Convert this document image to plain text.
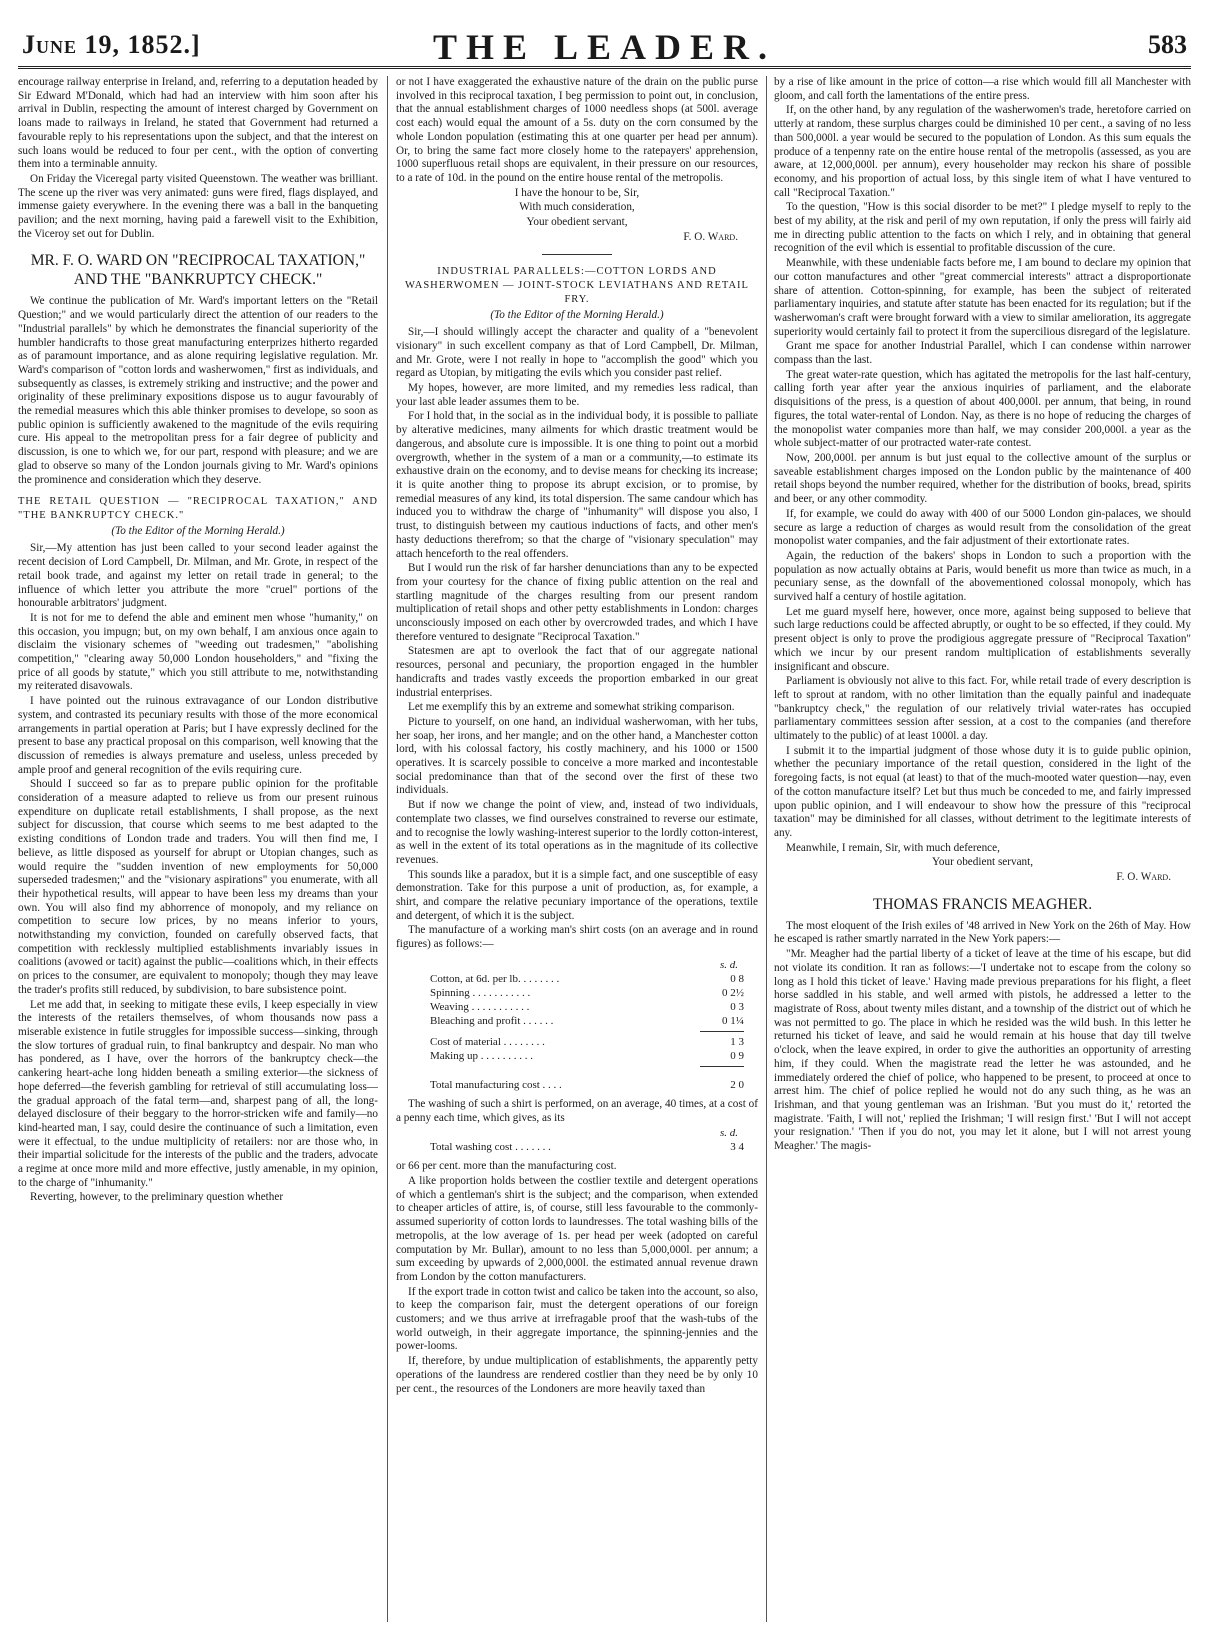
June 19, 1852.]	THE LEADER.	583

encourage railway enterprise in Ireland, and, referring to a deputation headed by Sir Edward M'Donald, which had had an interview with him soon after his arrival in Dublin, respecting the amount of interest charged by Government on loans made to railways in Ireland, he stated that Government had returned a favourable reply to his representations upon the subject, and that the interest on such loans would be reduced to four per cent., with the option of converting them into a terminable annuity.

On Friday the Viceregal party visited Queenstown. The weather was brilliant. The scene up the river was very animated: guns were fired, flags displayed, and immense gaiety everywhere. In the evening there was a ball in the banqueting pavilion; and the next morning, having paid a farewell visit to the Exhibition, the Viceroy set out for Dublin.

MR. F. O. WARD ON "RECIPROCAL TAXATION," AND THE "BANKRUPTCY CHECK."

We continue the publication of Mr. Ward's important letters on the "Retail Question;" and we would particularly direct the attention of our readers to the "Industrial parallels" by which he demonstrates the financial superiority of the humbler handicrafts to those great manufacturing enterprizes hitherto regarded as of paramount importance, and as alone requiring legislative regulation. Mr. Ward's comparison of "cotton lords and washerwomen," first as individuals, and subsequently as classes, is extremely striking and instructive; and the power and originality of these preliminary expositions dispose us to augur favourably of the remedial measures which this able thinker promises to develope, so soon as public opinion is sufficiently awakened to the magnitude of the evils requiring cure. His appeal to the metropolitan press for a fair degree of publicity and discussion, is one to which we, for our part, respond with pleasure; and we are glad to observe so many of the London journals giving to Mr. Ward's opinions the prominence and consideration which they deserve.

THE RETAIL QUESTION — "RECIPROCAL TAXATION," AND "THE BANKRUPTCY CHECK."
(To the Editor of the Morning Herald.)

Sir,—My attention has just been called to your second leader against the recent decision of Lord Campbell, Dr. Milman, and Mr. Grote, in respect of the retail book trade, and against my letter on retail trade in general; to the influence of which letter you attribute the more "cruel" portions of the honourable arbitrators' judgment.

It is not for me to defend the able and eminent men whose "humanity," on this occasion, you impugn; but, on my own behalf, I am anxious once again to disclaim the visionary schemes of "weeding out tradesmen," "abolishing competition," "clearing away 50,000 London householders," and "fixing the price of all goods by statute," which you still attribute to me, notwithstanding my reiterated disavowals.

I have pointed out the ruinous extravagance of our London distributive system, and contrasted its pecuniary results with those of the more economical arrangements in partial operation at Paris; but I have expressly declined for the present to base any practical proposal on this comparison, well knowing that the discussion of remedies is always premature and useless, unless preceded by ample proof and general recognition of the evils requiring cure.

Should I succeed so far as to prepare public opinion for the profitable consideration of a measure adapted to relieve us from our present ruinous expenditure on duplicate retail establishments, I shall propose, as the next subject for discussion, that course which seems to me best adapted to the existing conditions of London trade and traders. You will then find me, I believe, as little disposed as yourself for abrupt or Utopian changes, such as would require the "sudden invention of new employments for 50,000 superseded tradesmen;" and the "visionary aspirations" you enumerate, with all their hypothetical results, will appear to have been less my dreams than your own. You will also find my abhorrence of monopoly, and my reliance on competition to secure low prices, by no means inferior to yours, notwithstanding my conviction, founded on carefully observed facts, that competition with recklessly multiplied establishments invariably issues in coalitions (avowed or tacit) against the public—coalitions which, in their effects on prices to the consumer, are equivalent to monopoly; though they may leave the trader's profits still reduced, by subdivision, to bare subsistence point.

Let me add that, in seeking to mitigate these evils, I keep especially in view the interests of the retailers themselves, of whom thousands now pass a miserable existence in futile struggles for impossible success—sinking, through the slow tortures of gradual ruin, to final bankruptcy and despair. No man who has pondered, as I have, over the horrors of the bankruptcy check—the cankering heart-ache long hidden beneath a smiling exterior—the sickness of hope deferred—the feverish gambling for retrieval of still accumulating loss—the gradual approach of the fatal term—and, sharpest pang of all, the long-delayed disclosure of their beggary to the horror-stricken wife and family—no kind-hearted man, I say, could desire the continuance of such a limitation, even were it effectual, to the undue multiplicity of retailers: nor are those who, in their impartial solicitude for the interests of the public and the traders, advocate a regime at once more mild and more effective, justly amenable, in my opinion, to the charge of "inhumanity."

Reverting, however, to the preliminary question whether

or not I have exaggerated the exhaustive nature of the drain on the public purse involved in this reciprocal taxation, I beg permission to point out, in conclusion, that the annual establishment charges of 1000 needless shops (at 500l. average cost each) would equal the amount of a 5s. duty on the corn consumed by the whole London population (estimating this at one quarter per head per annum). Or, to bring the same fact more closely home to the ratepayers' apprehension, 1000 superfluous retail shops are equivalent, in their pressure on our resources, to a rate of 10d. in the pound on the entire house rental of the metropolis.

I have the honour to be, Sir,

With much consideration,

Your obedient servant,

F. O. Ward.

INDUSTRIAL PARALLELS:—COTTON LORDS AND WASHERWOMEN — JOINT-STOCK LEVIATHANS AND RETAIL FRY.
(To the Editor of the Morning Herald.)

Sir,—I should willingly accept the character and quality of a "benevolent visionary" in such excellent company as that of Lord Campbell, Dr. Milman, and Mr. Grote, were I not really in hope to "accomplish the good" which you regard as Utopian, by mitigating the evils which you consider past relief.

My hopes, however, are more limited, and my remedies less radical, than your last able leader assumes them to be.

For I hold that, in the social as in the individual body, it is possible to palliate by alterative medicines, many ailments for which drastic treatment would be dangerous, and absolute cure is impossible. It is one thing to point out a morbid overgrowth, whether in the system of a man or a community,—to estimate its exhaustive drain on the economy, and to devise means for checking its increase; it is quite another thing to propose its abrupt excision, or to promise, by remedial measures of any kind, its total dispersion. The same candour which has induced you to withdraw the charge of "inhumanity" will dispose you also, I trust, to distinguish between my cautious inductions of facts, and other men's hasty deductions therefrom; so that the charge of "visionary speculation" may attach henceforth to the real offenders.

But I would run the risk of far harsher denunciations than any to be expected from your courtesy for the chance of fixing public attention on the real and startling magnitude of the charges resulting from our present random multiplication of retail shops and other petty establishments in London: charges unconsciously imposed on each other by overcrowded trades, and which I have therefore ventured to designate "Reciprocal Taxation."

Statesmen are apt to overlook the fact that of our aggregate national resources, personal and pecuniary, the proportion engaged in the humbler handicrafts and trades vastly exceeds the proportion embarked in our great industrial enterprises.

Let me exemplify this by an extreme and somewhat striking comparison.

Picture to yourself, on one hand, an individual washerwoman, with her tubs, her soap, her irons, and her mangle; and on the other hand, a Manchester cotton lord, with his colossal factory, his costly machinery, and his 1000 or 1500 operatives. It is scarcely possible to conceive a more marked and incontestable social predominance than that of the second over the first of these two individuals.

But if now we change the point of view, and, instead of two individuals, contemplate two classes, we find ourselves constrained to reverse our estimate, and to recognise the lowly washing-interest superior to the lordly cotton-interest, as well in the extent of its total operations as in the magnitude of its collective revenues.

This sounds like a paradox, but it is a simple fact, and one susceptible of easy demonstration. Take for this purpose a unit of production, as, for example, a shirt, and compare the relative pecuniary importance of the operations, textile and detergent, of which it is the subject.

The manufacture of a working man's shirt costs (on an average and in round figures) as follows:—

s. d.
Cotton, at 6d. per lb. . . . . . . .	0 8
Spinning . . . . . . . . . . .	0 2½
Weaving . . . . . . . . . . .	0 3
Bleaching and profit . . . . . .	0 1¼
Cost of material . . . . . . . .	1 3
Making up . . . . . . . . . .	0 9
Total manufacturing cost . . . .	2 0

The washing of such a shirt is performed, on an average, 40 times, at a cost of a penny each time, which gives, as its

s. d.
Total washing cost . . . . . . .	3 4

or 66 per cent. more than the manufacturing cost.

A like proportion holds between the costlier textile and detergent operations of which a gentleman's shirt is the subject; and the comparison, when extended to cheaper articles of attire, is, of course, still less favourable to the commonly-assumed superiority of cotton lords to laundresses. The total washing bills of the metropolis, at the low average of 1s. per head per week (adopted on careful computation by Mr. Bullar), amount to no less than 5,000,000l. per annum; a sum exceeding by upwards of 2,000,000l. the estimated annual revenue drawn from London by the cotton manufacturers.

If the export trade in cotton twist and calico be taken into the account, so also, to keep the comparison fair, must the detergent operations of our foreign customers; and we thus arrive at irrefragable proof that the wash-tubs of the world outweigh, in their aggregate importance, the spinning-jennies and the power-looms.

If, therefore, by undue multiplication of establishments, the apparently petty operations of the laundress are rendered costlier than they need be by only 10 per cent., the resources of the Londoners are more heavily taxed than

by a rise of like amount in the price of cotton—a rise which would fill all Manchester with gloom, and call forth the lamentations of the entire press.

If, on the other hand, by any regulation of the washerwomen's trade, heretofore carried on utterly at random, these surplus charges could be diminished 10 per cent., a saving of no less than 500,000l. a year would be secured to the population of London. As this sum equals the produce of a tenpenny rate on the entire house rental of the metropolis (assessed, as you are aware, at 12,000,000l. per annum), every householder may reckon his share of possible economy, and his proportion of actual loss, by this single item of what I have ventured to call "Reciprocal Taxation."

To the question, "How is this social disorder to be met?" I pledge myself to reply to the best of my ability, at the risk and peril of my own reputation, if only the press will fairly aid me in directing public attention to the facts on which I rely, and in obtaining that general recognition of the evil which is essential to profitable discussion of the cure.

Meanwhile, with these undeniable facts before me, I am bound to declare my opinion that our cotton manufactures and other "great commercial interests" attract a disproportionate share of attention. Cotton-spinning, for example, has been the subject of reiterated parliamentary inquiries, and statute after statute has been enacted for its regulation; but if the washerwoman's craft were brought forward with a view to similar amelioration, its aggregate superiority would certainly fail to protect it from the supercilious disregard of the legislature.

Grant me space for another Industrial Parallel, which I can condense within narrower compass than the last.

The great water-rate question, which has agitated the metropolis for the last half-century, calling forth year after year the anxious inquiries of parliament, and the elaborate disquisitions of the press, is a question of about 400,000l. per annum, that being, in round figures, the total water-rental of London. Nay, as there is no hope of reducing the charges of the monopolist water companies more than half, we may consider 200,000l. a year as the whole subject-matter of our protracted water-rate contest.

Now, 200,000l. per annum is but just equal to the collective amount of the surplus or saveable establishment charges imposed on the London public by the maintenance of 400 retail shops beyond the number required, whether for the distribution of books, bread, spirits and beer, or any other commodity.

If, for example, we could do away with 400 of our 5000 London gin-palaces, we should secure as large a reduction of charges as would result from the consolidation of the great monopolist water companies, and the fair adjustment of their extortionate rates.

Again, the reduction of the bakers' shops in London to such a proportion with the population as now actually obtains at Paris, would benefit us more than twice as much, in a pecuniary sense, as the downfall of the abovementioned colossal monopoly, which has survived half a century of hostile agitation.

Let me guard myself here, however, once more, against being supposed to believe that such large reductions could be affected abruptly, or ought to be so effected, if they could. My present object is only to prove the prodigious aggregate pressure of "Reciprocal Taxation" which we incur by our present random multiplication of establishments severally insignificant and obscure.

Parliament is obviously not alive to this fact. For, while retail trade of every description is left to sprout at random, with no other limitation than the equally painful and inadequate "bankruptcy check," the regulation of our relatively trivial water-rates has occupied parliamentary committees session after session, at a cost to the companies (and therefore ultimately to the public) of at least 1000l. a day.

I submit it to the impartial judgment of those whose duty it is to guide public opinion, whether the pecuniary importance of the retail question, considered in the light of the foregoing facts, is not equal (at least) to that of the much-mooted water question—nay, even of the cotton manufacture itself? Let but thus much be conceded to me, and fairly impressed upon public opinion, and I will endeavour to show how the pressure of this "reciprocal taxation" may be diminished for all classes, without detriment to the legitimate interests of any.

Meanwhile, I remain, Sir, with much deference,

Your obedient servant,

F. O. Ward.

THOMAS FRANCIS MEAGHER.

The most eloquent of the Irish exiles of '48 arrived in New York on the 26th of May. How he escaped is rather smartly narrated in the New York papers:—

"Mr. Meagher had the partial liberty of a ticket of leave at the time of his escape, but did not violate its condition. It ran as follows:—'I undertake not to escape from the colony so long as I hold this ticket of leave.' Having made previous preparations for his flight, a fleet horse saddled in his stable, and well armed with pistols, he addressed a letter to the magistrate of Ross, about twenty miles distant, and a township of the district out of which he was not permitted to go. The place in which he resided was the wild bush. In this letter he returned his ticket of leave, and said he would remain at his house that day till twelve o'clock, when the leave expired, in order to give the authorities an opportunity of arresting him, if they could. When the magistrate read the letter he was astounded, and he immediately ordered the chief of police, who happened to be present, to proceed at once to arrest him. The chief of police replied he would not do any such thing, as he was an Irishman, and that young gentleman was an Irishman. 'But you must do it,' retorted the magistrate. 'Faith, I will not,' replied the Irishman; 'I will resign first.' 'But I will not accept your resignation.' 'Then if you do not, you may let it alone, but I will not arrest young Meagher.' The magis-
